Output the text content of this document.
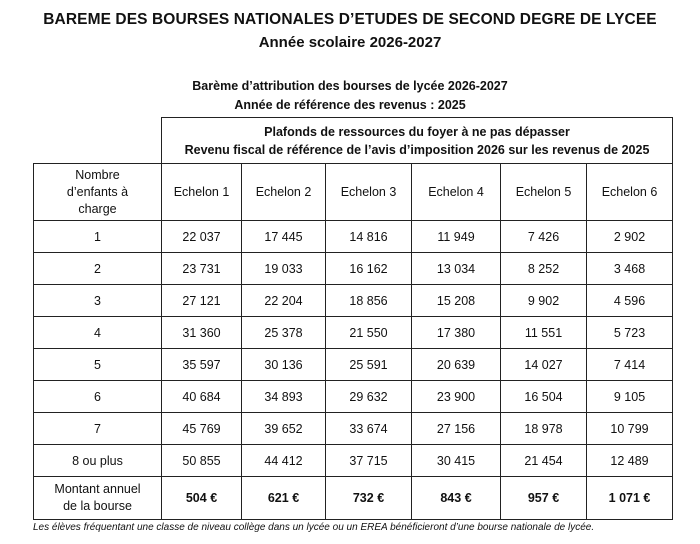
BAREME DES BOURSES NATIONALES D’ETUDES DE SECOND DEGRE DE LYCEE
Année scolaire 2026-2027
Barème d’attribution des bourses de lycée 2026-2027
Année de référence des revenus : 2025

	Plafonds de ressources du foyer à ne pas dépasser
Revenu fiscal de référence de l’avis d’imposition 2026 sur les revenus de 2025					

Nombre d’enfants à charge	Echelon 1	Echelon 2	Echelon 3	Echelon 4	Echelon 5	Echelon 6
1	22 037	17 445	14 816	11 949	7 426	2 902
2	23 731	19 033	16 162	13 034	8 252	3 468
3	27 121	22 204	18 856	15 208	9 902	4 596
4	31 360	25 378	21 550	17 380	11 551	5 723
5	35 597	30 136	25 591	20 639	14 027	7 414
6	40 684	34 893	29 632	23 900	16 504	9 105
7	45 769	39 652	33 674	27 156	18 978	10 799
8 ou plus	50 855	44 412	37 715	30 415	21 454	12 489
Montant annuel de la bourse	504 €	621 €	732 €	843 €	957 €	1 071 €
Les élèves fréquentant une classe de niveau collège dans un lycée ou un EREA bénéficieront d’une bourse nationale de lycée.
